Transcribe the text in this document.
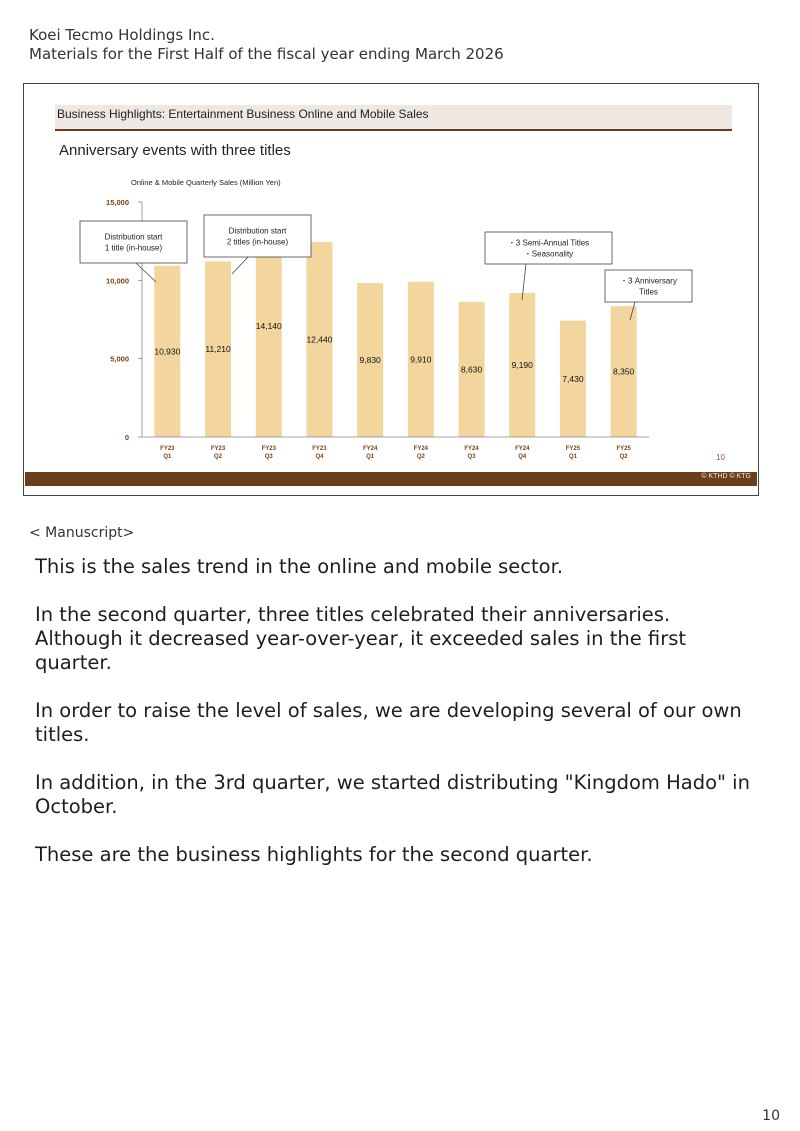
Koei Tecmo Holdings Inc.
Materials for the First Half of the fiscal year ending March 2026
Business Highlights: Entertainment Business Online and Mobile Sales
Anniversary events with three titles
Online & Mobile Quarterly Sales (Million Yen)
0
5,000
10,000
15,000
10,930
FY23
Q1
11,210
FY23
Q2
14,140
FY23
Q3
12,440
FY23
Q4
9,830
FY24
Q1
9,910
FY24
Q2
8,630
FY24
Q3
9,190
FY24
Q4
7,430
FY25
Q1
8,350
FY25
Q2
Distribution start
1 title (in-house)
Distribution start
2 titles (in-house)	・3 Semi-Annual Titles
・Seasonality
・3 Anniversary
Titles
10
© KTHD © KTG
< Manuscript>

This is the sales trend in the online and mobile sector.

In the second quarter, three titles celebrated their anniversaries. Although it decreased year-over-year, it exceeded sales in the first quarter.

In order to raise the level of sales, we are developing several of our own titles.

In addition, in the 3rd quarter, we started distributing "Kingdom Hado" in October.

These are the business highlights for the second quarter.

10
